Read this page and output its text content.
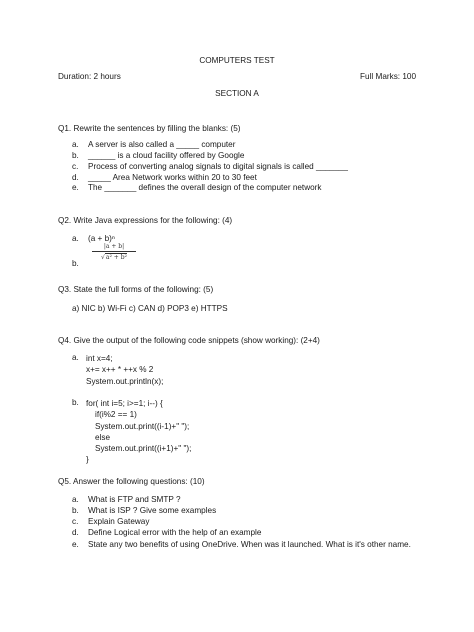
COMPUTERS TEST
Duration: 2 hours	Full Marks: 100
SECTION A
Q1. Rewrite the sentences by filling the blanks: (5)
a. A server is also called a _____ computer
b. ______ is a cloud facility offered by Google
c. Process of converting analog signals to digital signals is called _______
d. _____ Area Network works within 20 to 30 feet
e. The _______ defines the overall design of the computer network
Q2. Write Java expressions for the following: (4)
a. (a + b)ⁿ
b.
$\frac{|a + b|}{\text{√a² + b²}}$
Q3. State the full forms of the following: (5)
a) NIC b) Wi-Fi c) CAN d) POP3 e) HTTPS
Q4. Give the output of the following code snippets (show working): (2+4)
a. int x=4;
x+= x++ * ++x % 2
System.out.println(x);
b. for( int i=5; i>=1; i--) {
if(i%2 == 1)
System.out.print((i-1)+" ");
else
System.out.print((i+1)+" ");
}
Q5. Answer the following questions: (10)
a. What is FTP and SMTP ?
b. What is ISP ? Give some examples
c. Explain Gateway
d. Define Logical error with the help of an example
e. State any two benefits of using OneDrive. When was it launched. What is it's other name.
